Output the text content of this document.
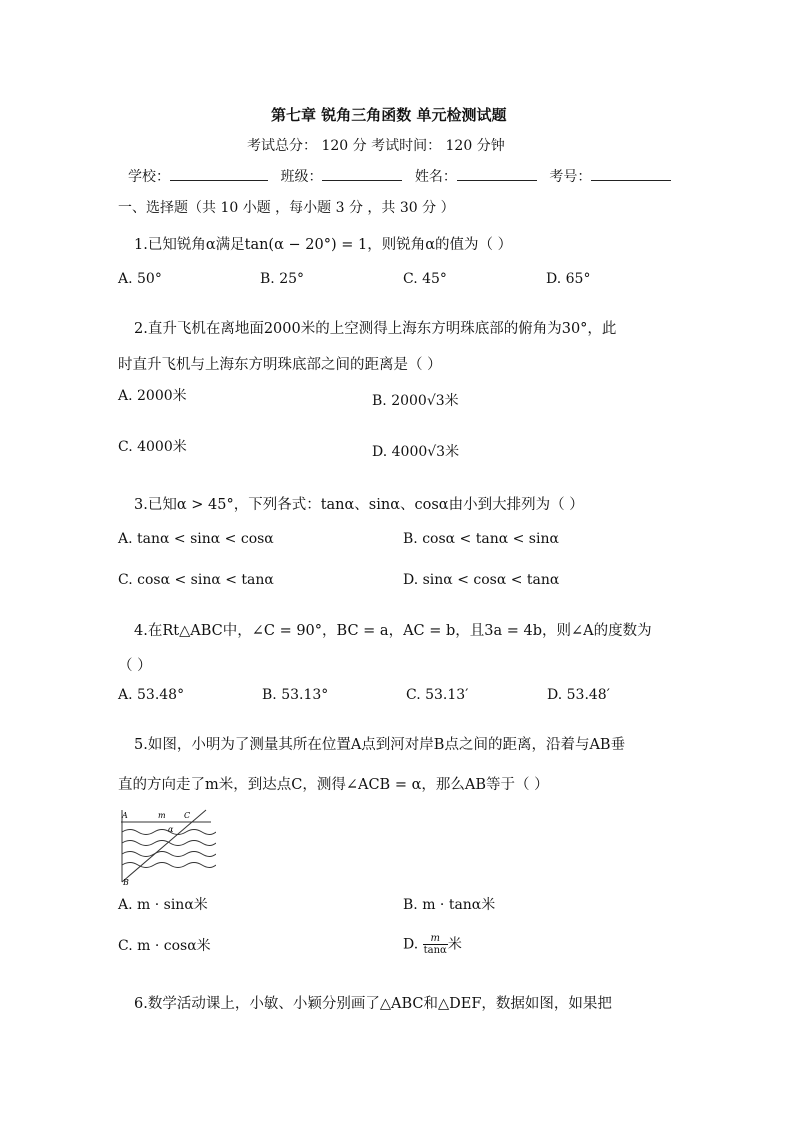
第七章 锐角三角函数 单元检测试题
考试总分： 120 分 考试时间： 120 分钟
学校：	班级：	姓名：	考号：
一、选择题（共 10 小题 ，每小题 3 分 ，共 30 分 ）
1.已知锐角α满足tan(α − 20°) = 1，则锐角α的值为（ ）
A. 50°	B. 25°	C. 45°	D. 65°
2.直升飞机在离地面2000米的上空测得上海东方明珠底部的俯角为30°，此
时直升飞机与上海东方明珠底部之间的距离是（ ）
A. 2000米	B. 2000√3米
C. 4000米	D. 4000√3米
3.已知α > 45°，下列各式：tanα、sinα、cosα由小到大排列为（ ）
A. tanα < sinα < cosα	B. cosα < tanα < sinα
C. cosα < sinα < tanα	D. sinα < cosα < tanα
4.在Rt△ABC中，∠C = 90°，BC = a，AC = b，且3a = 4b，则∠A的度数为
（ ）
A. 53.48°	B. 53.13°	C. 53.13′	D. 53.48′
5.如图，小明为了测量其所在位置A点到河对岸B点之间的距离，沿着与AB垂
直的方向走了m米，到达点C，测得∠ACB = α，那么AB等于（ ）
A	m C
α
B
A. m · sinα米	B. m · tanα米
C. m · cosα米	D. $\frac{m}{\tan\alpha}$ 米
6.数学活动课上，小敏、小颖分别画了△ABC和△DEF，数据如图，如果把
